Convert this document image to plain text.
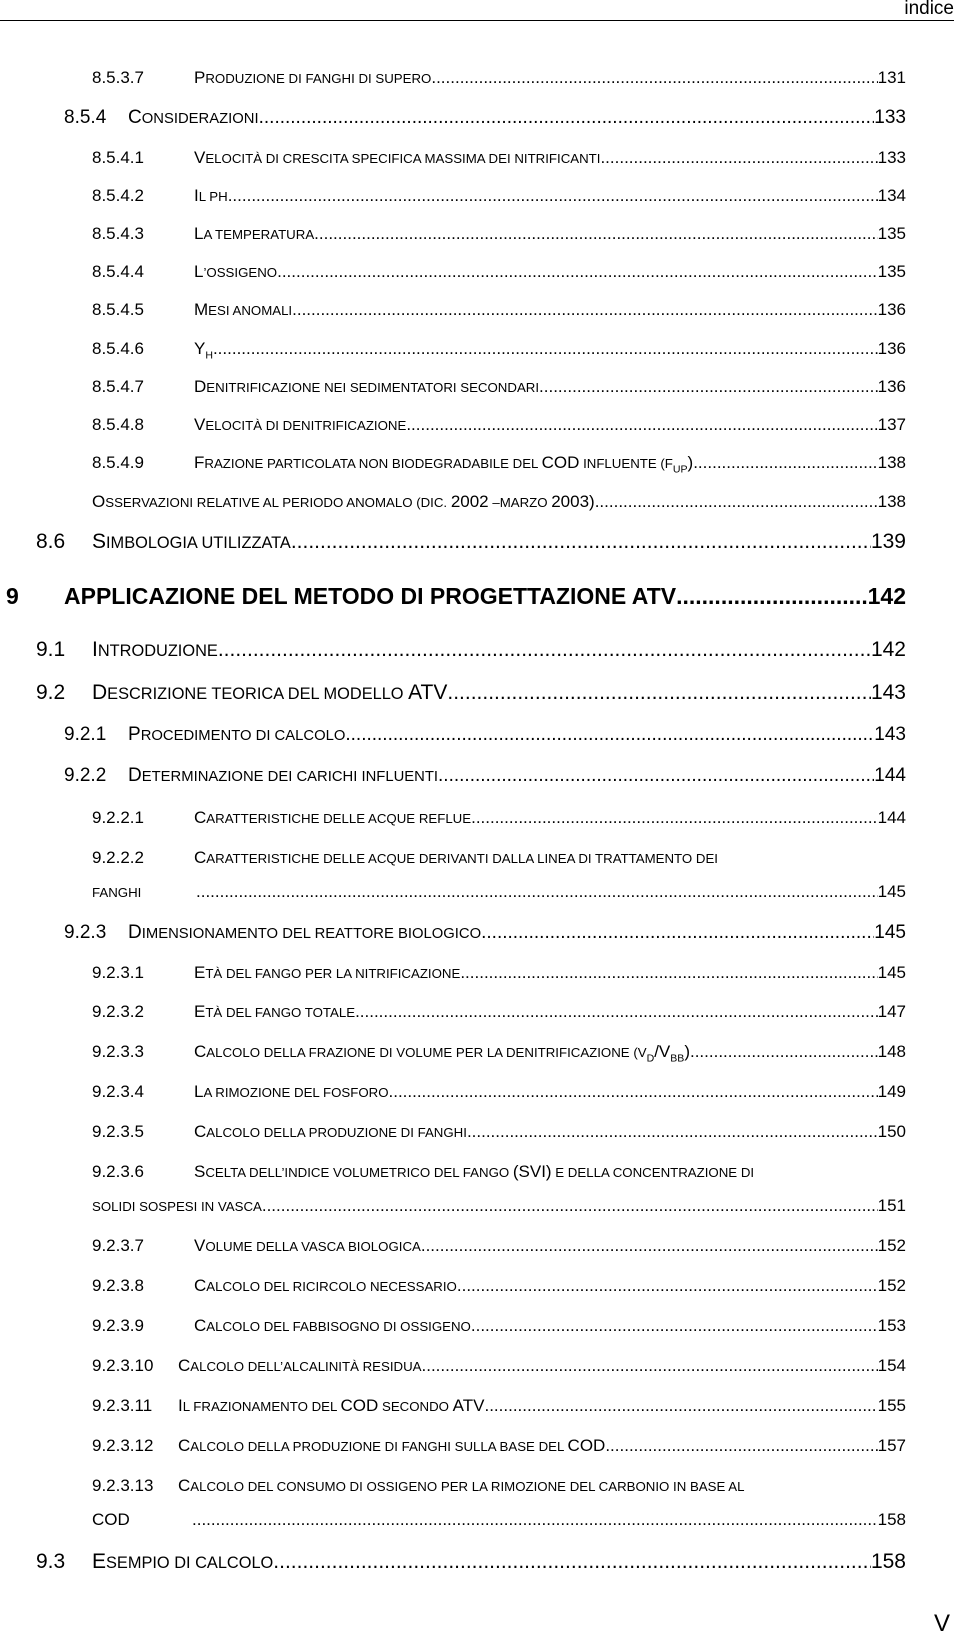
indice
8.5.3.7	PRODUZIONE DI FANGHI DI SUPERO .....	131
8.5.4 CONSIDERAZIONI .....	133
8.5.4.1	VELOCITÀ DI CRESCITA SPECIFICA MASSIMA DEI NITRIFICANTI .....	133
8.5.4.2	IL PH .....	134
8.5.4.3	LA TEMPERATURA .....	135
8.5.4.4	L’OSSIGENO .....	135
8.5.4.5	MESI ANOMALI .....	136
8.5.4.6	$Y_H$ .....	136
8.5.4.7	DENITRIFICAZIONE NEI SEDIMENTATORI SECONDARI .....	136
8.5.4.8	VELOCITÀ DI DENITRIFICAZIONE .....	137
8.5.4.9	FRAZIONE PARTICOLATA NON BIODEGRADABILE DEL COD INFLUENTE $(F_{UP})$ .....	138
OSSERVAZIONI RELATIVE AL PERIODO ANOMALO (DIC. 2002 –MARZO 2003) .....	138
8.6 SIMBOLOGIA UTILIZZATA .....	139
9 APPLICAZIONE DEL METODO DI PROGETTAZIONE ATV .....	142
9.1 INTRODUZIONE .....	142
9.2 DESCRIZIONE TEORICA DEL MODELLO ATV .....	143
9.2.1 PROCEDIMENTO DI CALCOLO .....	143
9.2.2 DETERMINAZIONE DEI CARICHI INFLUENTI .....	144
9.2.2.1	CARATTERISTICHE DELLE ACQUE REFLUE .....	144
9.2.2.2	CARATTERISTICHE DELLE ACQUE DERIVANTI DALLA LINEA DI TRATTAMENTO DEI
FANGHI .....	145
9.2.3 DIMENSIONAMENTO DEL REATTORE BIOLOGICO .....	145
9.2.3.1	ETÀ DEL FANGO PER LA NITRIFICAZIONE .....	145
9.2.3.2	ETÀ DEL FANGO TOTALE .....	147
9.2.3.3	CALCOLO DELLA FRAZIONE DI VOLUME PER LA DENITRIFICAZIONE $(V_D/V_{BB})$ .....	148
9.2.3.4	LA RIMOZIONE DEL FOSFORO .....	149
9.2.3.5	CALCOLO DELLA PRODUZIONE DI FANGHI .....	150
9.2.3.6	SCELTA DELL’INDICE VOLUMETRICO DEL FANGO (SVI) E DELLA CONCENTRAZIONE DI
SOLIDI SOSPESI IN VASCA .....	151
9.2.3.7	VOLUME DELLA VASCA BIOLOGICA .....	152
9.2.3.8	CALCOLO DEL RICIRCOLO NECESSARIO .....	152
9.2.3.9	CALCOLO DEL FABBISOGNO DI OSSIGENO .....	153
9.2.3.10 CALCOLO DELL’ALCALINITÀ RESIDUA .....	154
9.2.3.11 IL FRAZIONAMENTO DEL COD SECONDO ATV .....	155
9.2.3.12 CALCOLO DELLA PRODUZIONE DI FANGHI SULLA BASE DEL COD .....	157
9.2.3.13 CALCOLO DEL CONSUMO DI OSSIGENO PER LA RIMOZIONE DEL CARBONIO IN BASE AL
COD .....	158
9.3 ESEMPIO DI CALCOLO .....	158
V
